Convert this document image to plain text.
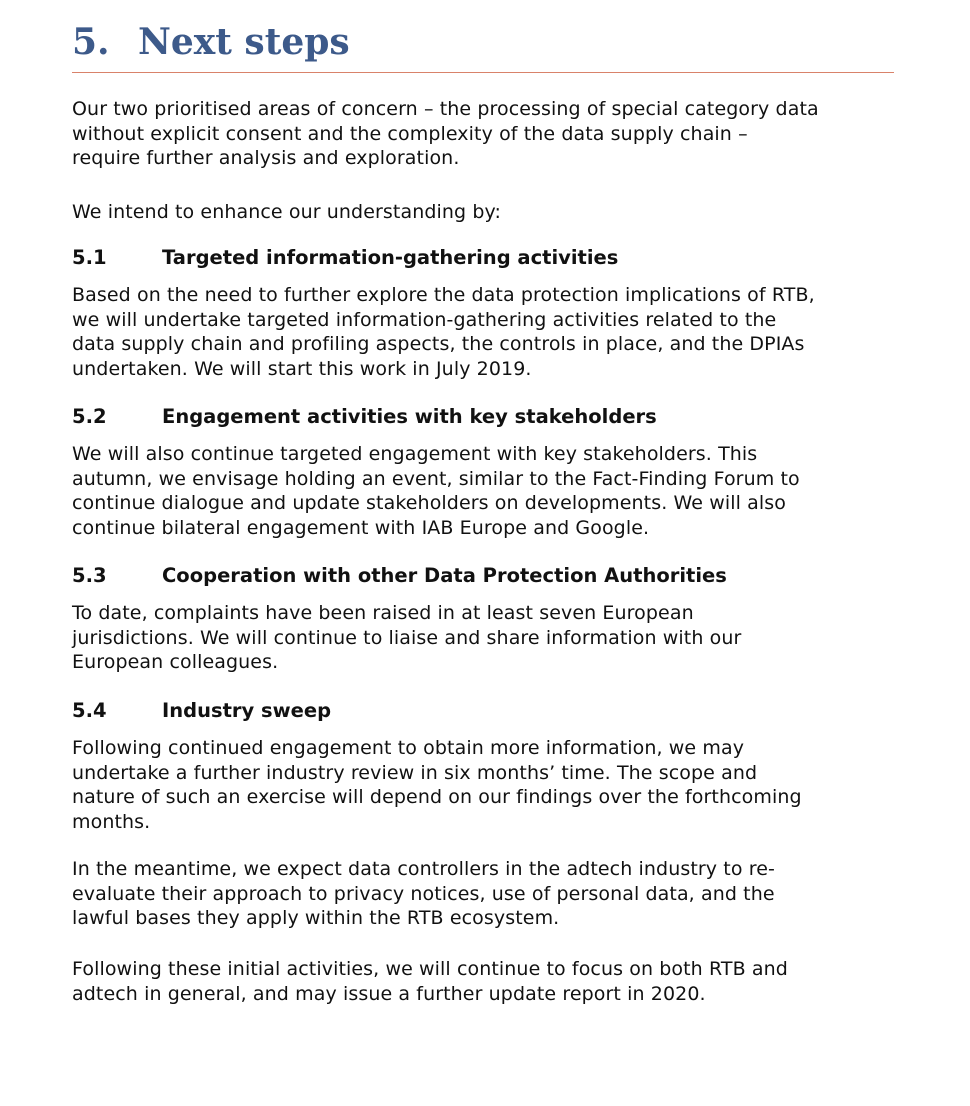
5. Next steps

Our two prioritised areas of concern – the processing of special category data

without explicit consent and the complexity of the data supply chain –

require further analysis and exploration.

We intend to enhance our understanding by:

5.1	Targeted information-gathering activities

Based on the need to further explore the data protection implications of RTB,

we will undertake targeted information-gathering activities related to the

data supply chain and profiling aspects, the controls in place, and the DPIAs

undertaken. We will start this work in July 2019.

5.2	Engagement activities with key stakeholders

We will also continue targeted engagement with key stakeholders. This

autumn, we envisage holding an event, similar to the Fact-Finding Forum to

continue dialogue and update stakeholders on developments. We will also

continue bilateral engagement with IAB Europe and Google.

5.3	Cooperation with other Data Protection Authorities

To date, complaints have been raised in at least seven European

jurisdictions. We will continue to liaise and share information with our

European colleagues.

5.4	Industry sweep

Following continued engagement to obtain more information, we may

undertake a further industry review in six months’ time. The scope and

nature of such an exercise will depend on our findings over the forthcoming

months.

In the meantime, we expect data controllers in the adtech industry to re-

evaluate their approach to privacy notices, use of personal data, and the

lawful bases they apply within the RTB ecosystem.

Following these initial activities, we will continue to focus on both RTB and

adtech in general, and may issue a further update report in 2020.
